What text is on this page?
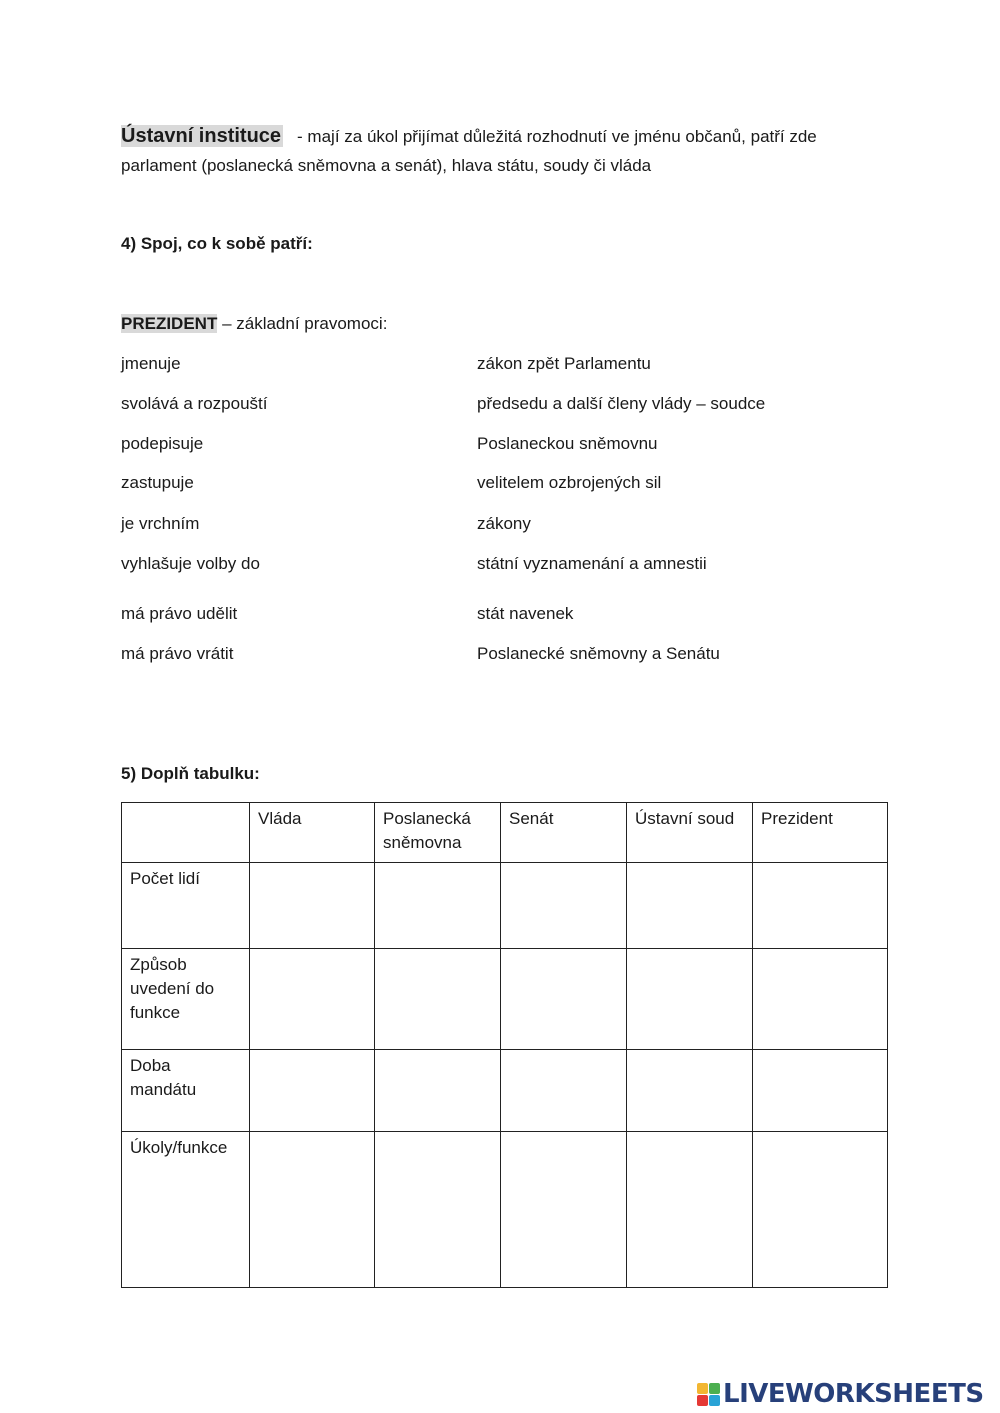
Ústavní instituce - mají za úkol přijímat důležitá rozhodnutí ve jménu občanů, patří zde parlament (poslanecká sněmovna a senát), hlava státu, soudy či vláda
4) Spoj, co k sobě patří:
PREZIDENT – základní pravomoci:
jmenuje	zákon zpět Parlamentu
svolává a rozpouští	předsedu a další členy vlády – soudce
podepisuje	Poslaneckou sněmovnu
zastupuje	velitelem ozbrojených sil
je vrchním	zákony
vyhlašuje volby do	státní vyznamenání a amnestii
má právo udělit	stát navenek
má právo vrátit	Poslanecké sněmovny a Senátu
5) Doplň tabulku:
	Vláda	Poslanecká sněmovna	Senát	Ústavní soud	Prezident
Počet lidí					
Způsob uvedení do funkce					
Doba mandátu					
Úkoly/funkce					
LIVEWORKSHEETS
